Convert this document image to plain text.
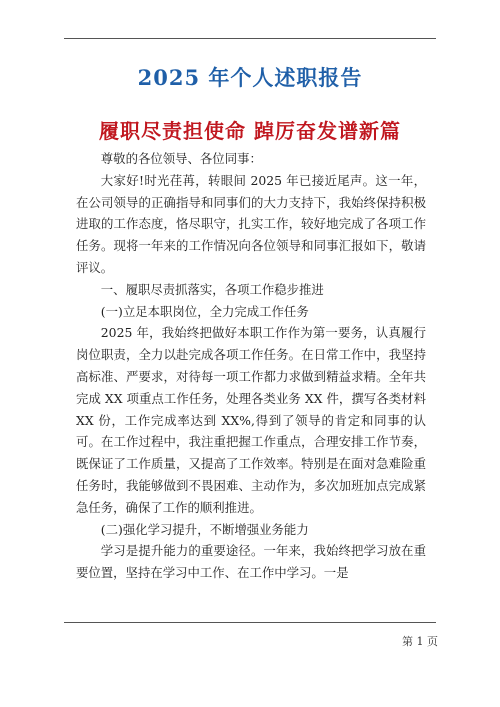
2025 年个人述职报告
履职尽责担使命 踔厉奋发谱新篇

尊敬的各位领导、各位同事：

大家好!时光荏苒，转眼间 2025 年已接近尾声。这一年，在公司领导的正确指导和同事们的大力支持下，我始终保持积极进取的工作态度，恪尽职守，扎实工作，较好地完成了各项工作任务。现将一年来的工作情况向各位领导和同事汇报如下，敬请评议。

一、履职尽责抓落实，各项工作稳步推进

(一)立足本职岗位，全力完成工作任务

2025 年，我始终把做好本职工作作为第一要务，认真履行岗位职责，全力以赴完成各项工作任务。在日常工作中，我坚持高标准、严要求，对待每一项工作都力求做到精益求精。全年共完成 XX 项重点工作任务，处理各类业务 XX 件，撰写各类材料 XX 份，工作完成率达到 XX%,得到了领导的肯定和同事的认可。在工作过程中，我注重把握工作重点，合理安排工作节奏，既保证了工作质量，又提高了工作效率。特别是在面对急难险重任务时，我能够做到不畏困难、主动作为，多次加班加点完成紧急任务，确保了工作的顺利推进。

(二)强化学习提升，不断增强业务能力

学习是提升能力的重要途径。一年来，我始终把学习放在重要位置，坚持在学习中工作、在工作中学习。一是

第 1 页
